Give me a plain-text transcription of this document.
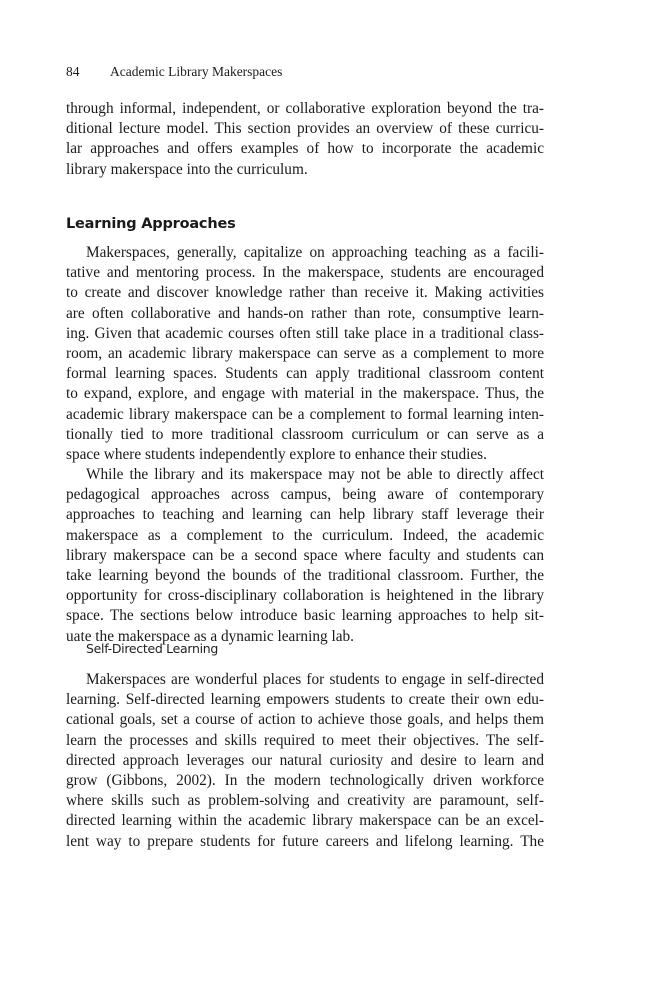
84 Academic Library Makerspaces
through informal, independent, or collaborative exploration beyond the tra-
ditional lecture model. This section provides an overview of these curricu-
lar approaches and offers examples of how to incorporate the academic
library makerspace into the curriculum.
Learning Approaches
Makerspaces, generally, capitalize on approaching teaching as a facili-
tative and mentoring process. In the makerspace, students are encouraged
to create and discover knowledge rather than receive it. Making activities
are often collaborative and hands-on rather than rote, consumptive learn-
ing. Given that academic courses often still take place in a traditional class-
room, an academic library makerspace can serve as a complement to more
formal learning spaces. Students can apply traditional classroom content
to expand, explore, and engage with material in the makerspace. Thus, the
academic library makerspace can be a complement to formal learning inten-
tionally tied to more traditional classroom curriculum or can serve as a
space where students independently explore to enhance their studies.
While the library and its makerspace may not be able to directly affect
pedagogical approaches across campus, being aware of contemporary
approaches to teaching and learning can help library staff leverage their
makerspace as a complement to the curriculum. Indeed, the academic
library makerspace can be a second space where faculty and students can
take learning beyond the bounds of the traditional classroom. Further, the
opportunity for cross-disciplinary collaboration is heightened in the library
space. The sections below introduce basic learning approaches to help sit-
uate the makerspace as a dynamic learning lab.
Self-Directed Learning
Makerspaces are wonderful places for students to engage in self-directed
learning. Self-directed learning empowers students to create their own edu-
cational goals, set a course of action to achieve those goals, and helps them
learn the processes and skills required to meet their objectives. The self-
directed approach leverages our natural curiosity and desire to learn and
grow (Gibbons, 2002). In the modern technologically driven workforce
where skills such as problem-solving and creativity are paramount, self-
directed learning within the academic library makerspace can be an excel-
lent way to prepare students for future careers and lifelong learning. The
